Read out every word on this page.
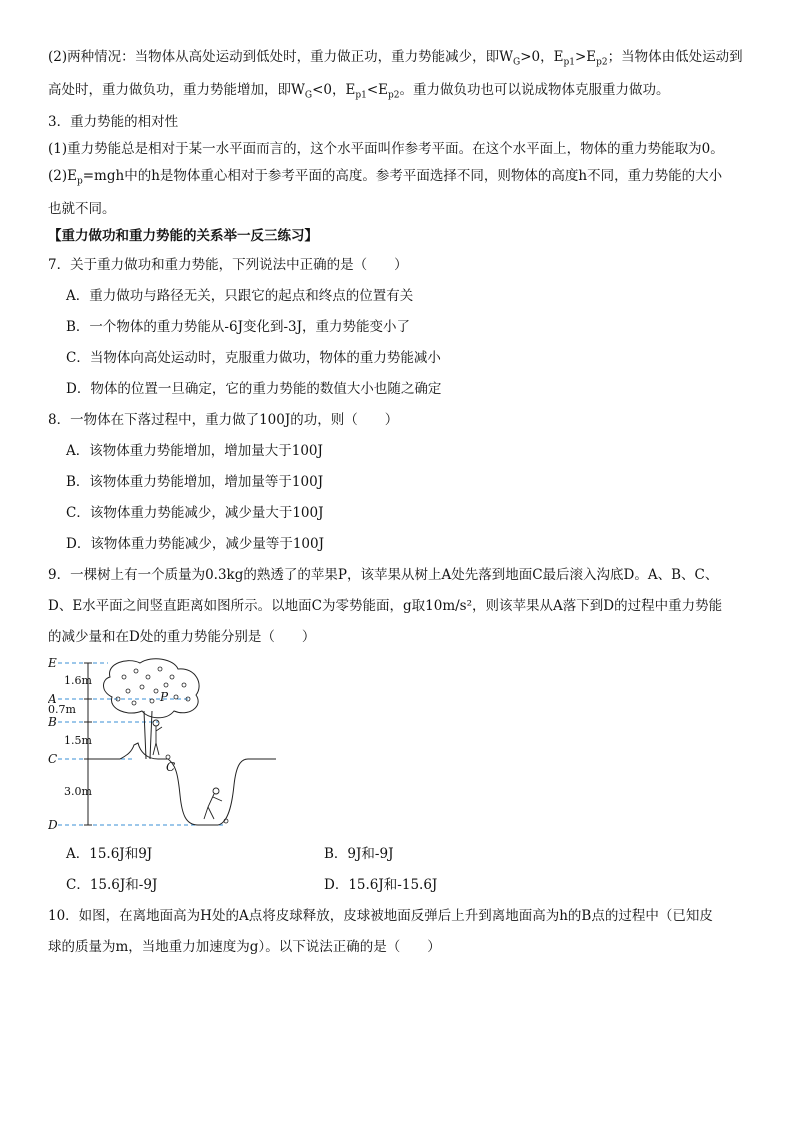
(2)两种情况：当物体从高处运动到低处时，重力做正功，重力势能减少，即$W_G>0$，$E_{p1}>E_{p2}$；当物体由低处运动到

高处时，重力做负功，重力势能增加，即$W_G<0$，$E_{p1}<E_{p2}$。重力做负功也可以说成物体克服重力做功。

3．重力势能的相对性

(1)重力势能总是相对于某一水平面而言的，这个水平面叫作参考平面。在这个水平面上，物体的重力势能取为0。

$(2)E_p=mgh$中的h是物体重心相对于参考平面的高度。参考平面选择不同，则物体的高度h不同，重力势能的大小

也就不同。

【重力做功和重力势能的关系举一反三练习】

7．关于重力做功和重力势能，下列说法中正确的是（　　）

A．重力做功与路径无关，只跟它的起点和终点的位置有关

B．一个物体的重力势能从-6J变化到-3J，重力势能变小了

C．当物体向高处运动时，克服重力做功，物体的重力势能减小

D．物体的位置一旦确定，它的重力势能的数值大小也随之确定

8．一物体在下落过程中，重力做了100J的功，则（　　）

A．该物体重力势能增加，增加量大于100J

B．该物体重力势能增加，增加量等于100J

C．该物体重力势能减少，减少量大于100J

D．该物体重力势能减少，减少量等于100J

9．一棵树上有一个质量为0.3kg的熟透了的苹果P，该苹果从树上A处先落到地面C最后滚入沟底D。A、B、C、

D、E水平面之间竖直距离如图所示。以地面C为零势能面，g取10m/s²，则该苹果从A落下到D的过程中重力势能

的减少量和在D处的重力势能分别是（　　）

E
A
B
C
D
P
C
1.6m
0.7m
1.5m
3.0m
A．15.6J和9J	B．9J和-9J
C．15.6J和-9J	D．15.6J和-15.6J

10．如图，在离地面高为H处的A点将皮球释放，皮球被地面反弹后上升到离地面高为h的B点的过程中（已知皮

球的质量为m，当地重力加速度为g）。以下说法正确的是（　　）
